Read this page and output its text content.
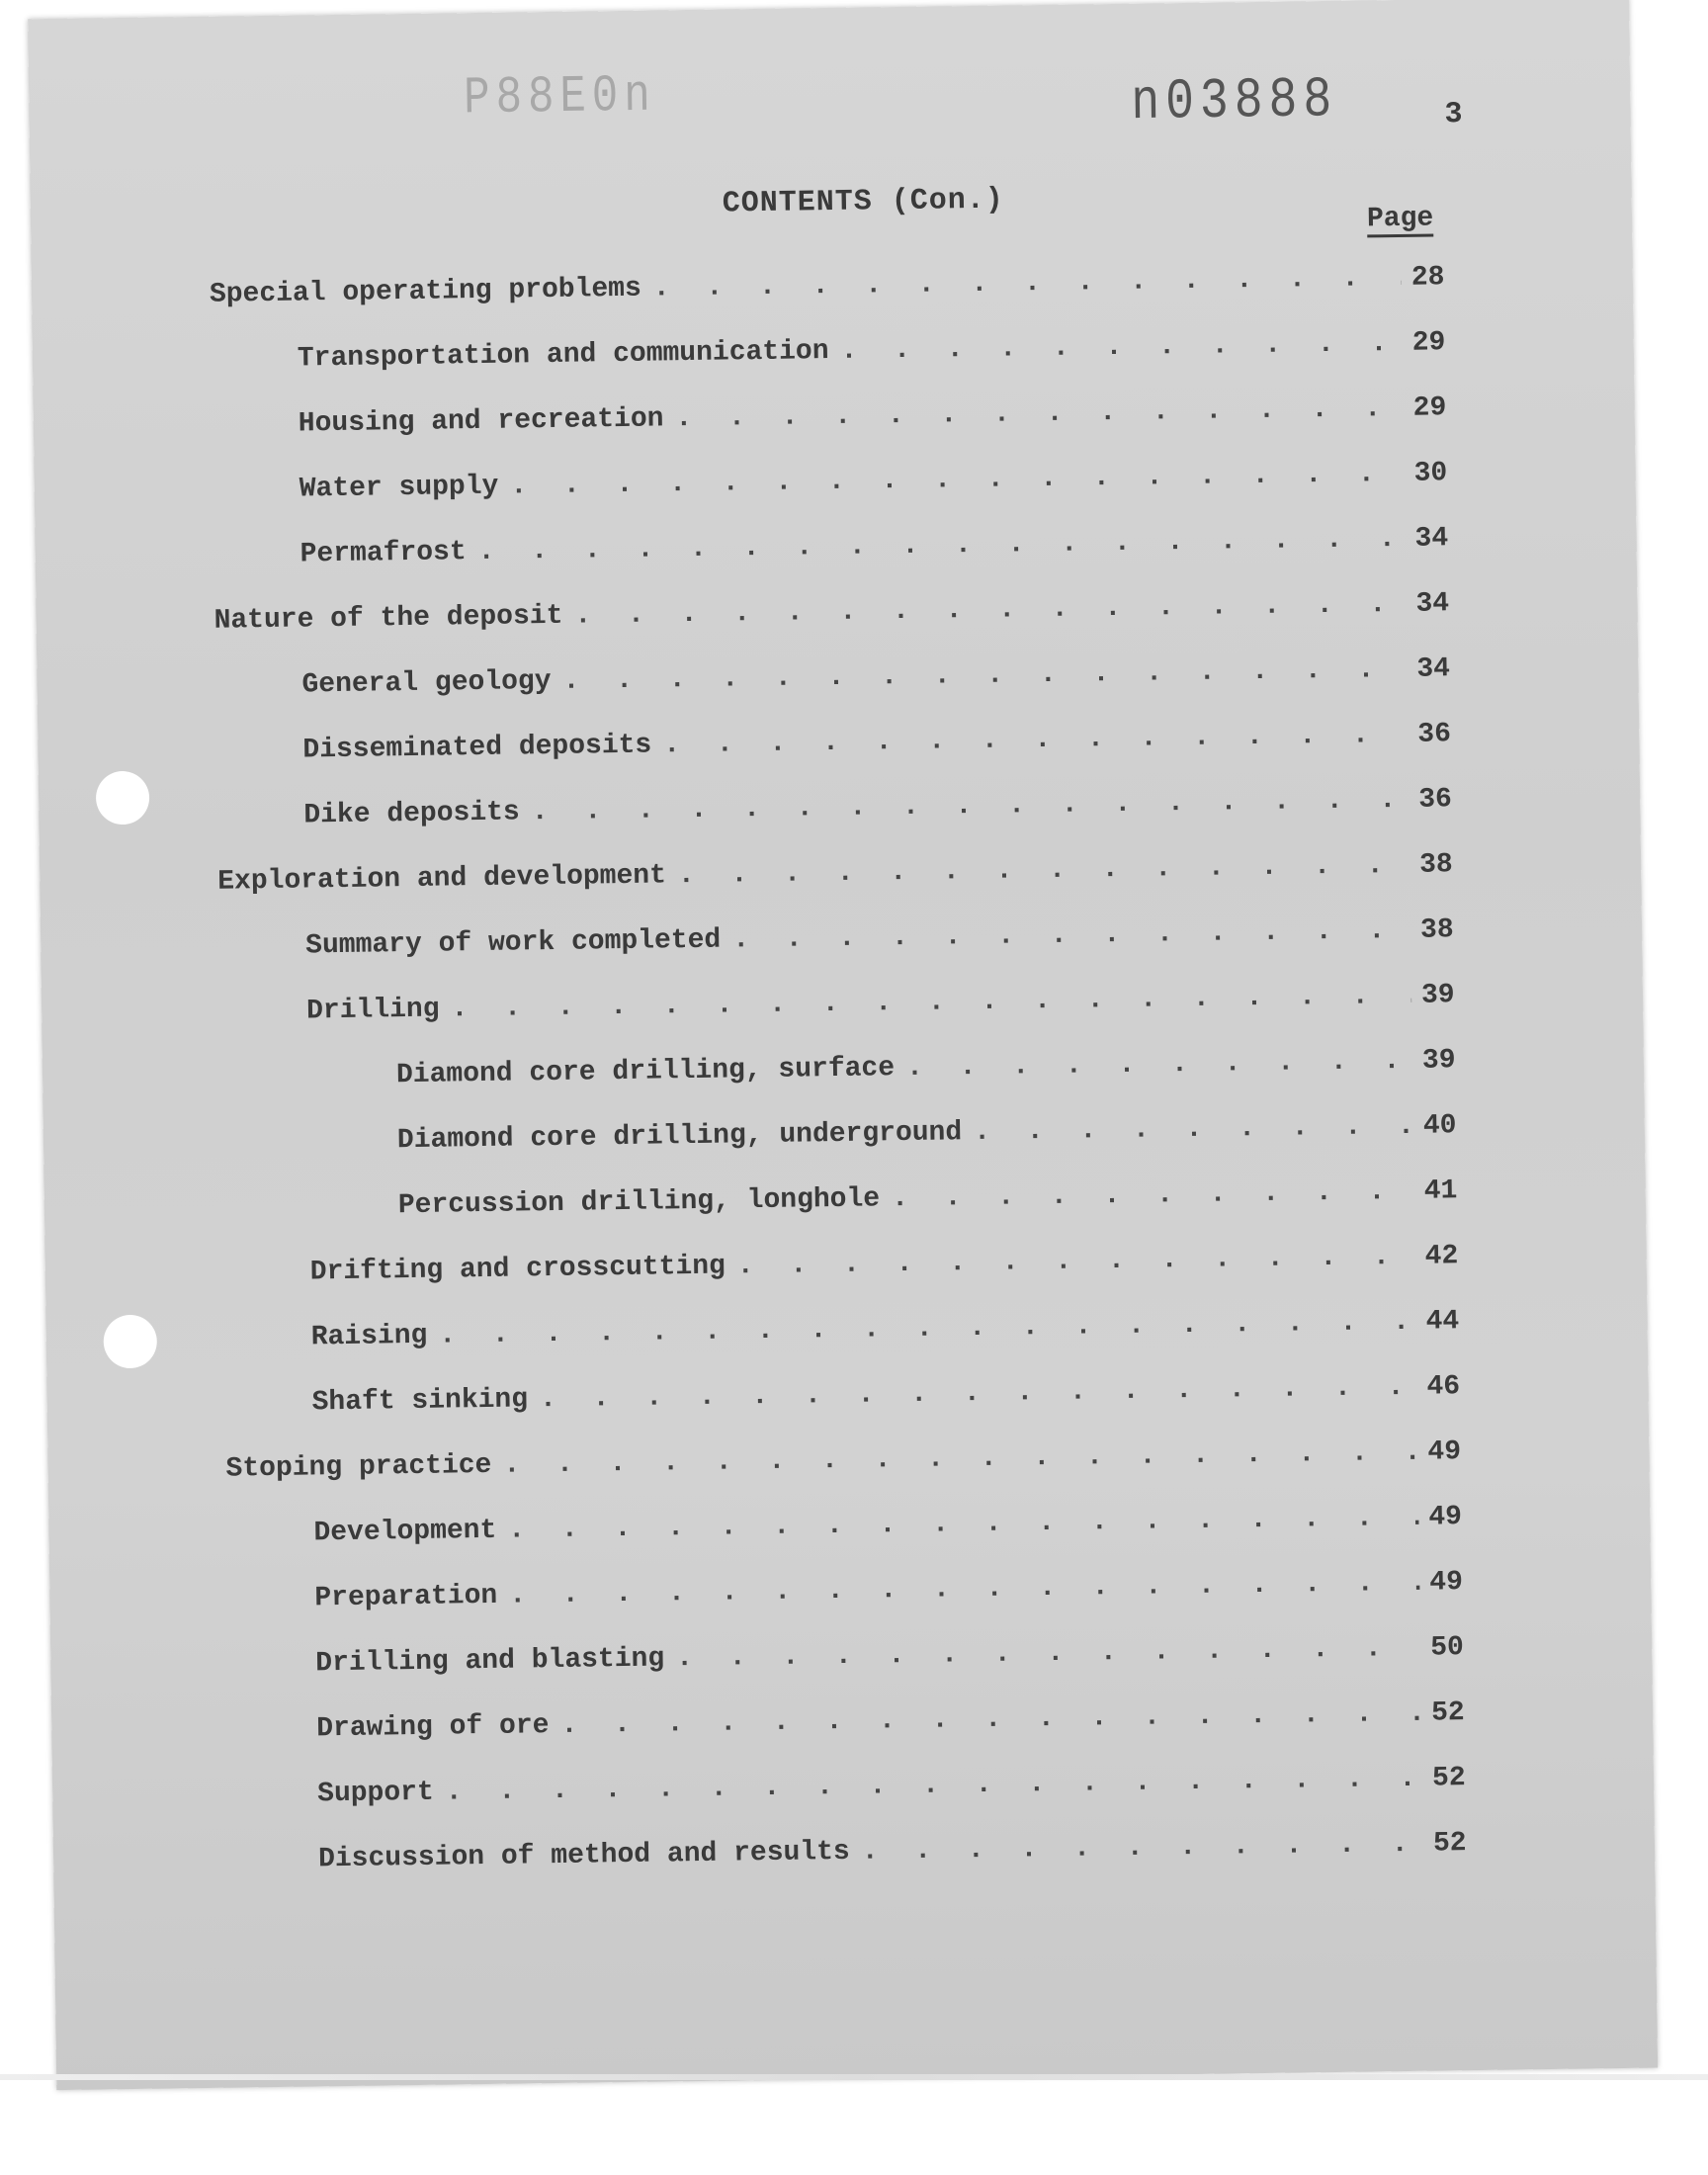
P88E0n	n03888	3
CONTENTS (Con.)	Page
Special operating problems . . .	28
Transportation and communication . . .	29
Housing and recreation . . .	29
Water supply . . .	30
Permafrost . . .	34
Nature of the deposit . . .	34
General geology . . .	34
Disseminated deposits . . .	36
Dike deposits . . .	36
Exploration and development . . .	38
Summary of work completed . . .	38
Drilling . . .	39
Diamond core drilling, surface . . .	39
Diamond core drilling, underground . . .	40
Percussion drilling, longhole . . .	41
Drifting and crosscutting . . .	42
Raising . . .	44
Shaft sinking . . .	46
Stoping practice . . .	49
Development . . .	49
Preparation . . .	49
Drilling and blasting . . .	50
Drawing of ore . . .	52
Support . . .	52
Discussion of method and results . . .	52
